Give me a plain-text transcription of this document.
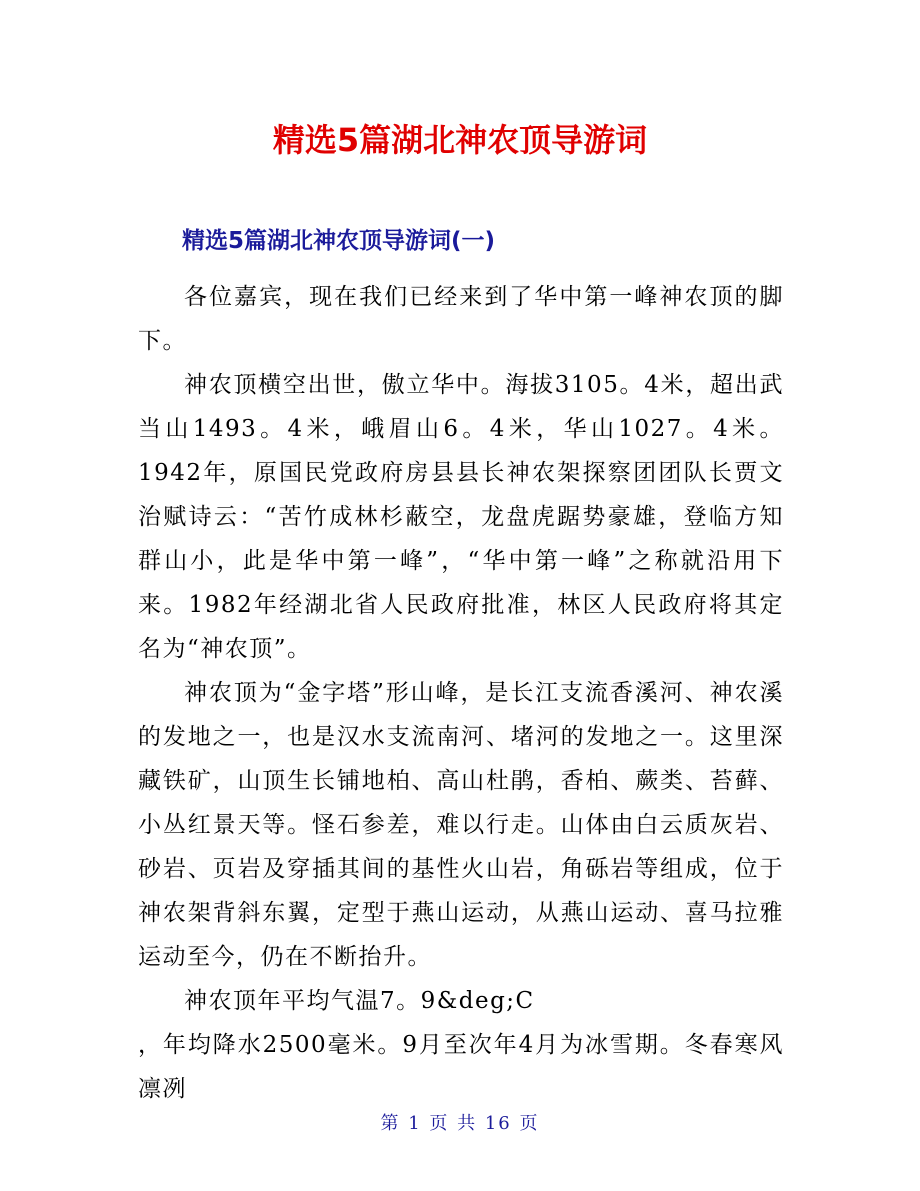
精选5篇湖北神农顶导游词
精选5篇湖北神农顶导游词(一)

各位嘉宾，现在我们已经来到了华中第一峰神农顶的脚下。

神农顶横空出世，傲立华中。海拔3105。4米，超出武当山1493。4米，峨眉山6。4米，华山1027。4米。1942年，原国民党政府房县县长神农架探察团团队长贾文治赋诗云：“苦竹成林杉蔽空，龙盘虎踞势豪雄，登临方知群山小，此是华中第一峰”，“华中第一峰”之称就沿用下来。1982年经湖北省人民政府批准，林区人民政府将其定名为“神农顶”。

神农顶为“金字塔”形山峰，是长江支流香溪河、神农溪的发地之一，也是汉水支流南河、堵河的发地之一。这里深藏铁矿，山顶生长铺地柏、高山杜鹃，香柏、蕨类、苔藓、小丛红景天等。怪石参差，难以行走。山体由白云质灰岩、砂岩、页岩及穿插其间的基性火山岩，角砾岩等组成，位于神农架背斜东翼，定型于燕山运动，从燕山运动、喜马拉雅运动至今，仍在不断抬升。

神农顶年平均气温7。9&deg;C

，年均降水2500毫米。9月至次年4月为冰雪期。冬春寒风凛冽

第 1 页 共 16 页
